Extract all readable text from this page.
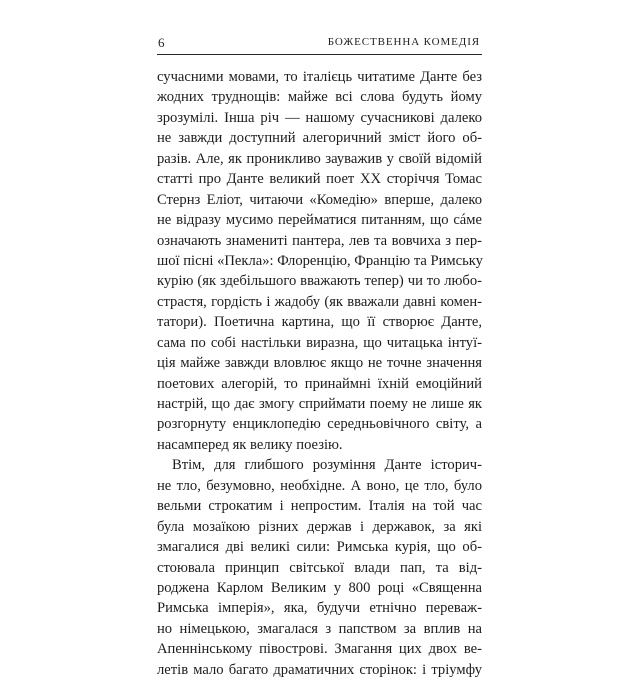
6	БОЖЕСТВЕННА КОМЕДІЯ
сучасними мовами, то італієць читатиме Данте без
жодних труднощів: майже всі слова будуть йому
зрозумілі. Інша річ — нашому сучасникові далеко
не завжди доступний алегоричний зміст його об-
разів. Але, як проникливо зауважив у своїй відомій
статті про Данте великий поет XX сторіччя Томас
Стернз Еліот, читаючи «Комедію» вперше, далеко
не відразу мусимо перейматися питанням, що сáме
означають знамениті пантера, лев та вовчиха з пер-
шої пісні «Пекла»: Флоренцію, Францію та Римську
курію (як здебільшого вважають тепер) чи то любо-
страстя, гордість і жадобу (як вважали давні комен-
татори). Поетична картина, що її створює Данте,
сама по собі настільки виразна, що читацька інтуї-
ція майже завжди вловлює якщо не точне значення
поетових алегорій, то принаймні їхній емоційний
настрій, що дає змогу сприймати поему не лише як
розгорнуту енциклопедію середньовічного світу, а
насамперед як велику поезію.
Втім, для глибшого розуміння Данте історич-
не тло, безумовно, необхідне. А воно, це тло, було
вельми строкатим і непростим. Італія на той час
була мозаїкою різних держав і державок, за які
змагалися дві великі сили: Римська курія, що об-
стоювала принцип світської влади пап, та від-
роджена Карлом Великим у 800 році «Священна
Римська імперія», яка, будучи етнічно переваж-
но німецькою, змагалася з папством за вплив на
Апеннінському півострові. Змагання цих двох ве-
летів мало багато драматичних сторінок: і тріумфу
